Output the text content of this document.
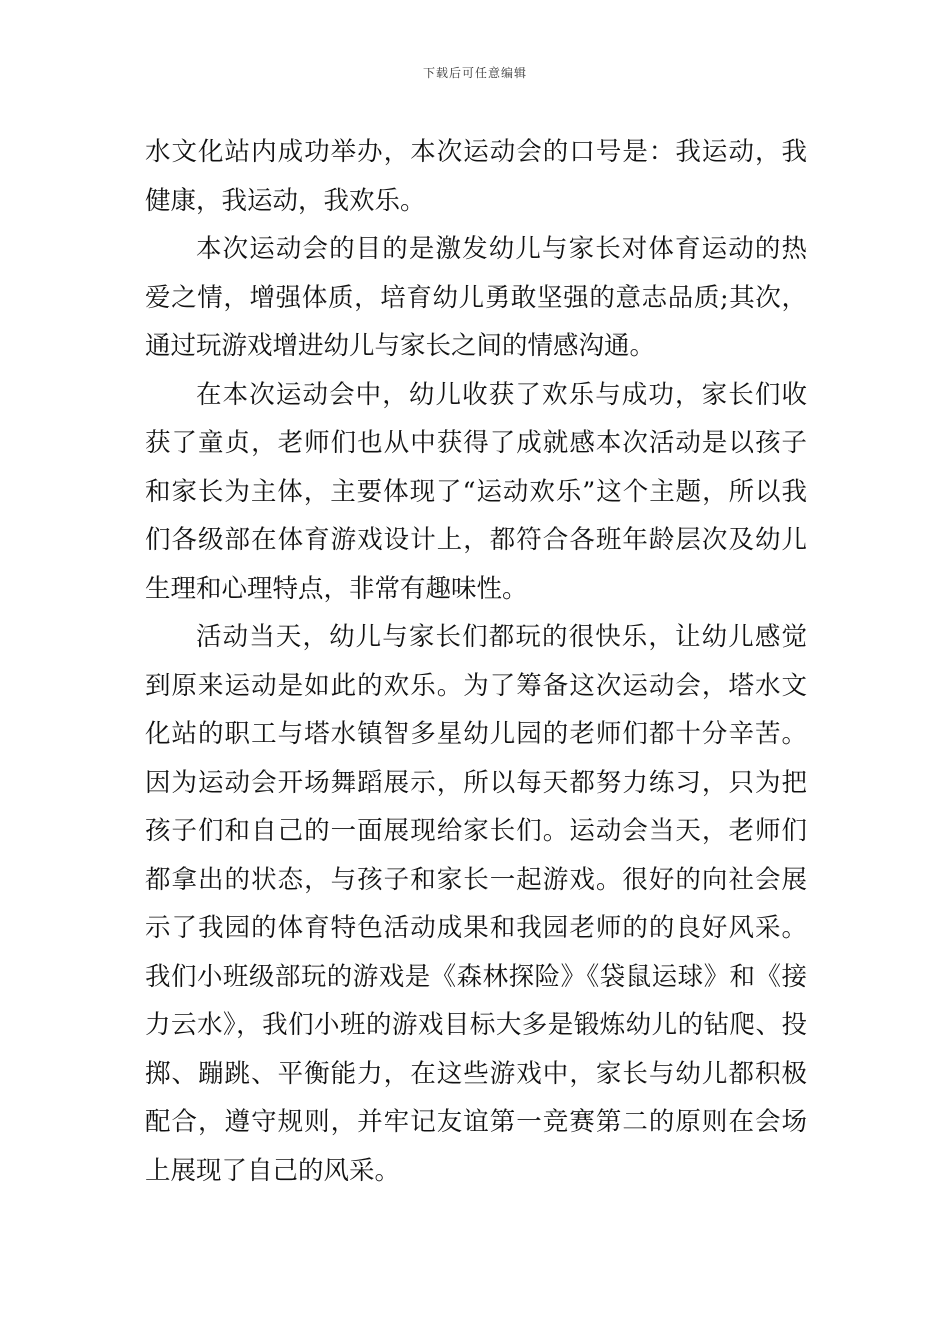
下载后可任意编辑

水文化站内成功举办，本次运动会的口号是：我运动，我健康，我运动，我欢乐。

本次运动会的目的是激发幼儿与家长对体育运动的热爱之情，增强体质，培育幼儿勇敢坚强的意志品质;其次，通过玩游戏增进幼儿与家长之间的情感沟通。

在本次运动会中，幼儿收获了欢乐与成功，家长们收获了童贞，老师们也从中获得了成就感本次活动是以孩子和家长为主体，主要体现了“运动欢乐”这个主题，所以我们各级部在体育游戏设计上，都符合各班年龄层次及幼儿生理和心理特点，非常有趣味性。

活动当天，幼儿与家长们都玩的很快乐，让幼儿感觉到原来运动是如此的欢乐。为了筹备这次运动会，塔水文化站的职工与塔水镇智多星幼儿园的老师们都十分辛苦。因为运动会开场舞蹈展示，所以每天都努力练习，只为把孩子们和自己的一面展现给家长们。运动会当天，老师们都拿出的状态，与孩子和家长一起游戏。很好的向社会展示了我园的体育特色活动成果和我园老师的的良好风采。我们小班级部玩的游戏是《森林探险》《袋鼠运球》和《接力云水》，我们小班的游戏目标大多是锻炼幼儿的钻爬、投掷、蹦跳、平衡能力，在这些游戏中，家长与幼儿都积极配合，遵守规则，并牢记友谊第一竞赛第二的原则在会场上展现了自己的风采。
